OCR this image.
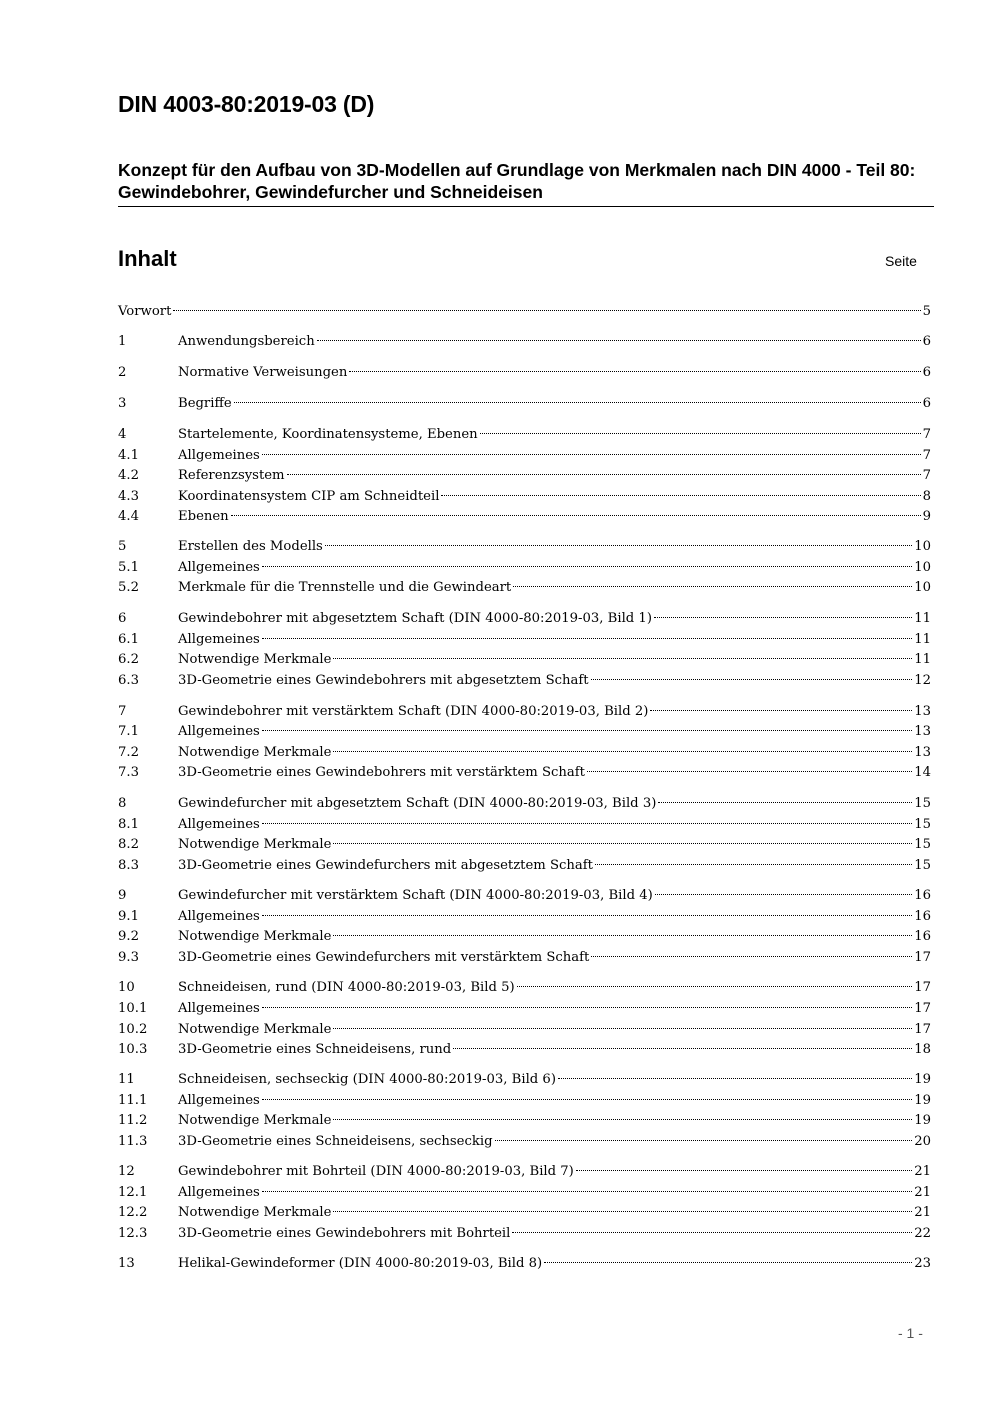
DIN 4003-80:2019-03 (D)
Konzept für den Aufbau von 3D-Modellen auf Grundlage von Merkmalen nach DIN 4000 - Teil 80: Gewindebohrer, Gewindefurcher und Schneideisen
Inhalt	Seite
Vorwort	5
1	Anwendungsbereich	6
2	Normative Verweisungen	6
3	Begriffe	6
4	Startelemente, Koordinatensysteme, Ebenen	7
4.1	Allgemeines	7
4.2	Referenzsystem	7
4.3	Koordinatensystem CIP am Schneidteil	8
4.4	Ebenen	9
5	Erstellen des Modells	10
5.1	Allgemeines	10
5.2	Merkmale für die Trennstelle und die Gewindeart	10
6	Gewindebohrer mit abgesetztem Schaft (DIN 4000-80:2019-03, Bild 1)	11
6.1	Allgemeines	11
6.2	Notwendige Merkmale	11
6.3	3D-Geometrie eines Gewindebohrers mit abgesetztem Schaft	12
7	Gewindebohrer mit verstärktem Schaft (DIN 4000-80:2019-03, Bild 2)	13
7.1	Allgemeines	13
7.2	Notwendige Merkmale	13
7.3	3D-Geometrie eines Gewindebohrers mit verstärktem Schaft	14
8	Gewindefurcher mit abgesetztem Schaft (DIN 4000-80:2019-03, Bild 3)	15
8.1	Allgemeines	15
8.2	Notwendige Merkmale	15
8.3	3D-Geometrie eines Gewindefurchers mit abgesetztem Schaft	15
9	Gewindefurcher mit verstärktem Schaft (DIN 4000-80:2019-03, Bild 4)	16
9.1	Allgemeines	16
9.2	Notwendige Merkmale	16
9.3	3D-Geometrie eines Gewindefurchers mit verstärktem Schaft	17
10	Schneideisen, rund (DIN 4000-80:2019-03, Bild 5)	17
10.1	Allgemeines	17
10.2	Notwendige Merkmale	17
10.3	3D-Geometrie eines Schneideisens, rund	18
11	Schneideisen, sechseckig (DIN 4000-80:2019-03, Bild 6)	19
11.1	Allgemeines	19
11.2	Notwendige Merkmale	19
11.3	3D-Geometrie eines Schneideisens, sechseckig	20
12	Gewindebohrer mit Bohrteil (DIN 4000-80:2019-03, Bild 7)	21
12.1	Allgemeines	21
12.2	Notwendige Merkmale	21
12.3	3D-Geometrie eines Gewindebohrers mit Bohrteil	22
13	Helikal-Gewindeformer (DIN 4000-80:2019-03, Bild 8)	23
- 1 -
